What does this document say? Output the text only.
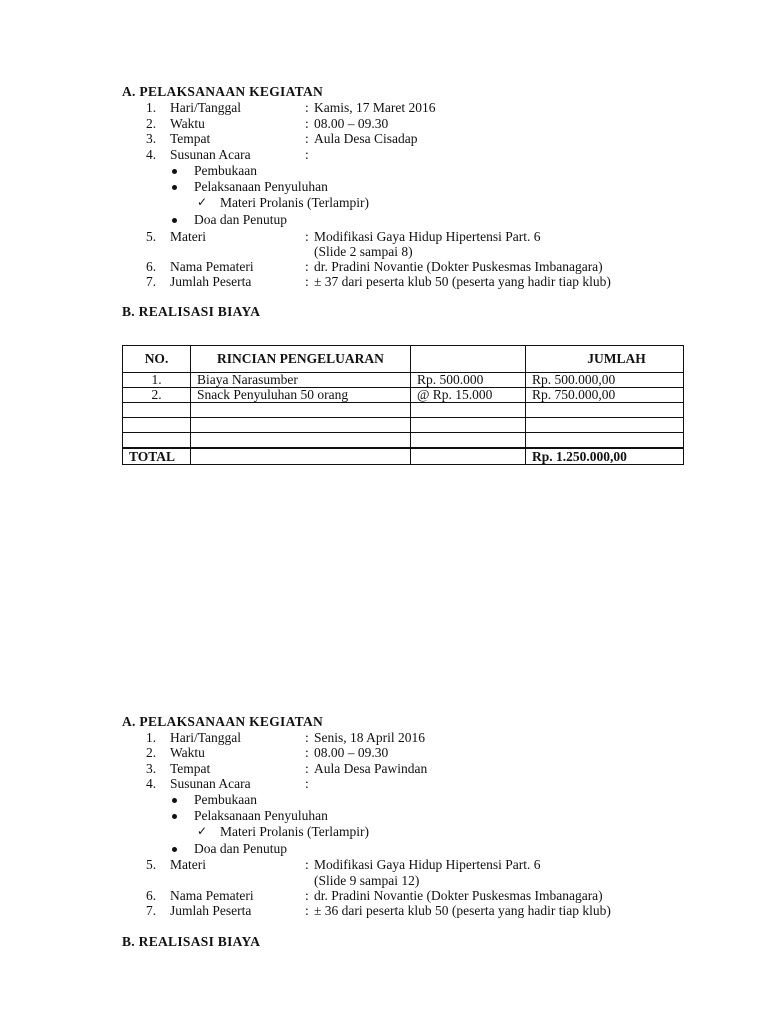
A. PELAKSANAAN KEGIATAN
1. Hari/Tanggal	: Kamis, 17 Maret 2016
2. Waktu	: 08.00 – 09.30
3. Tempat	: Aula Desa Cisadap
4. Susunan Acara	:
Pembukaan
Pelaksanaan Penyuluhan
✓ Materi Prolanis (Terlampir)
Doa dan Penutup
5. Materi	: Modifikasi Gaya Hidup Hipertensi Part. 6
(Slide 2 sampai 8)
6. Nama Pemateri	: dr. Pradini Novantie (Dokter Puskesmas Imbanagara)
7. Jumlah Peserta	: ± 37 dari peserta klub 50 (peserta yang hadir tiap klub)
B. REALISASI BIAYA
NO.	RINCIAN PENGELUARAN		JUMLAH
1.	Biaya Narasumber	Rp. 500.000	Rp. 500.000,00
2.	Snack Penyuluhan 50 orang	@ Rp. 15.000	Rp. 750.000,00

TOTAL			Rp. 1.250.000,00
A. PELAKSANAAN KEGIATAN
1. Hari/Tanggal	: Senis, 18 April 2016
2. Waktu	: 08.00 – 09.30
3. Tempat	: Aula Desa Pawindan
4. Susunan Acara	:
Pembukaan
Pelaksanaan Penyuluhan
✓ Materi Prolanis (Terlampir)
Doa dan Penutup
5. Materi	: Modifikasi Gaya Hidup Hipertensi Part. 6
(Slide 9 sampai 12)
6. Nama Pemateri	: dr. Pradini Novantie (Dokter Puskesmas Imbanagara)
7. Jumlah Peserta	: ± 36 dari peserta klub 50 (peserta yang hadir tiap klub)
B. REALISASI BIAYA
